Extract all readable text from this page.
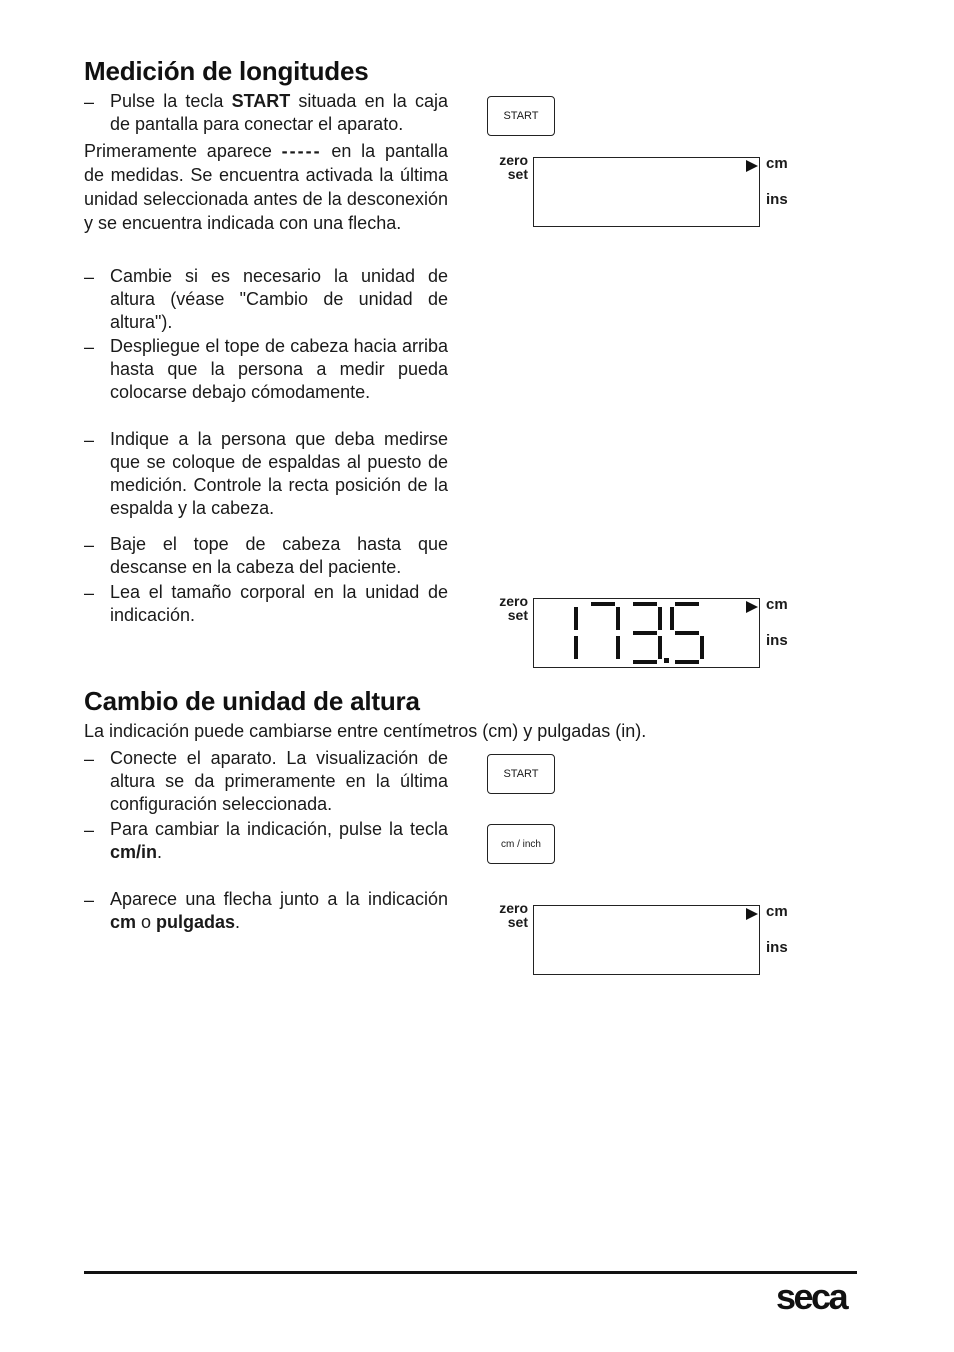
Medición de longitudes
– Pulse la tecla START situada en la caja de pantalla para conectar el aparato.

Primeramente aparece ----- en la pantalla de medidas. Se encuentra activada la última unidad seleccionada antes de la desconexión y se encuentra indicada con una flecha.

– Cambie si es necesario la unidad de altura (véase "Cambio de unidad de altura").
– Despliegue el tope de cabeza hacia arriba hasta que la persona a medir pueda colocarse debajo cómodamente.
– Indique a la persona que deba medirse que se coloque de espaldas al puesto de medición. Controle la recta posición de la espalda y la cabeza.
– Baje el tope de cabeza hasta que descanse en la cabeza del paciente.
– Lea el tamaño corporal en la unidad de indicación.
START
zero
set
cm
ins
zero
set
cm
ins
Cambio de unidad de altura

La indicación puede cambiarse entre centímetros (cm) y pulgadas (in).

– Conecte el aparato. La visualización de altura se da primeramente en la última configuración seleccionada.
– Para cambiar la indicación, pulse la tecla cm/in.
– Aparece una flecha junto a la indicación cm o pulgadas.
START
cm / inch
zero
set
cm
ins
seca
